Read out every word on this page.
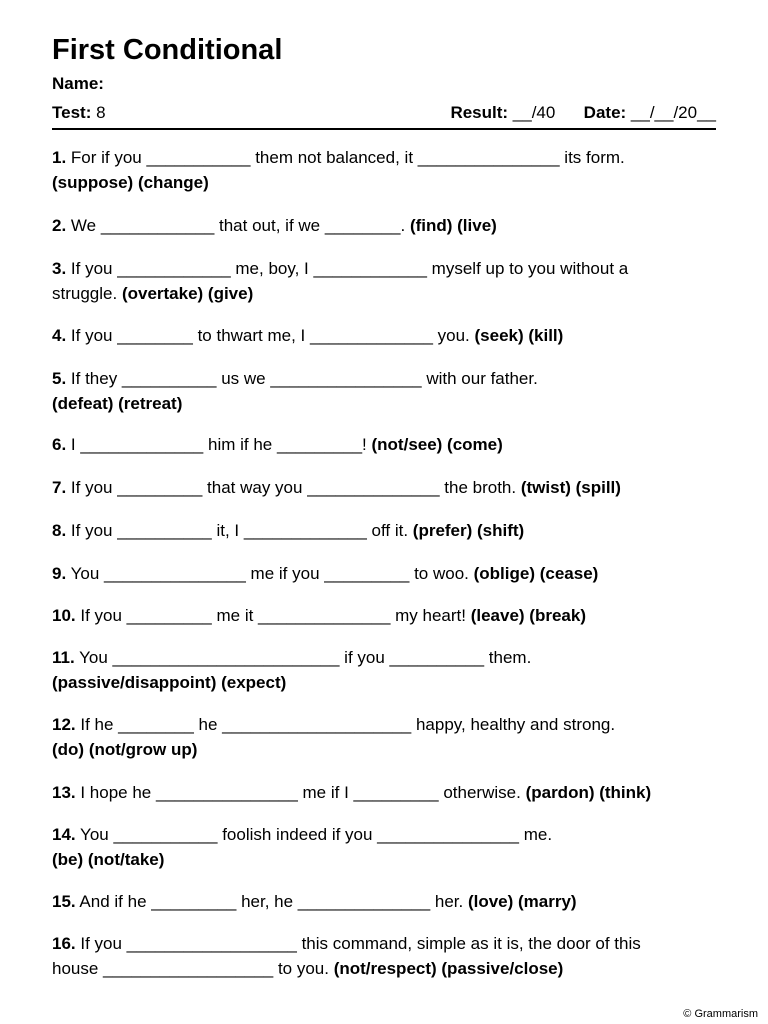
First Conditional
Name:
Test: 8	Result: __/40 Date: __/__/20__
1. For if you ___________ them not balanced, it _______________ its form.
(suppose) (change)
2. We ____________ that out, if we ________. (find) (live)
3. If you ____________ me, boy, I ____________ myself up to you without a
struggle. (overtake) (give)
4. If you ________ to thwart me, I _____________ you. (seek) (kill)
5. If they __________ us we ________________ with our father.
(defeat) (retreat)
6. I _____________ him if he _________! (not/see) (come)
7. If you _________ that way you ______________ the broth. (twist) (spill)
8. If you __________ it, I _____________ off it. (prefer) (shift)
9. You _______________ me if you _________ to woo. (oblige) (cease)
10. If you _________ me it ______________ my heart! (leave) (break)
11. You ________________________ if you __________ them.
(passive/disappoint) (expect)
12. If he ________ he ____________________ happy, healthy and strong.
(do) (not/grow up)
13. I hope he _______________ me if I _________ otherwise. (pardon) (think)
14. You ___________ foolish indeed if you _______________ me.
(be) (not/take)
15. And if he _________ her, he ______________ her. (love) (marry)
16. If you __________________ this command, simple as it is, the door of this
house __________________ to you. (not/respect) (passive/close)
© Grammarism
